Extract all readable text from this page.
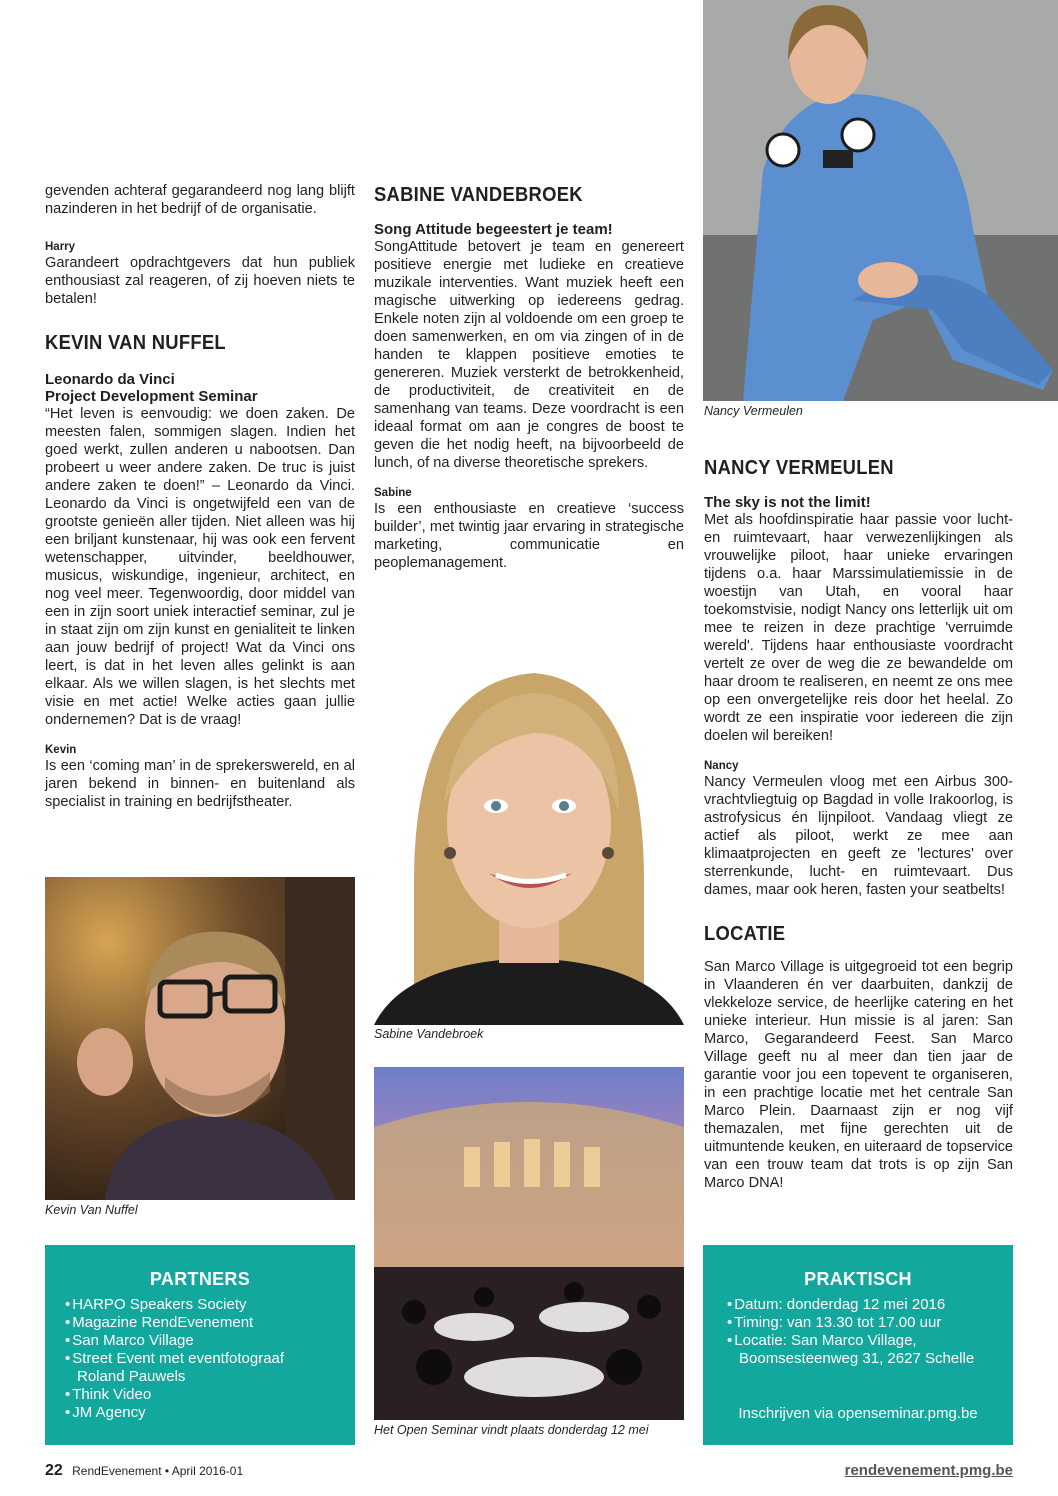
gevenden achteraf gegarandeerd nog lang blijft nazinderen in het bedrijf of de organisatie.

Harry

Garandeert opdrachtgevers dat hun publiek enthousiast zal reageren, of zij hoeven niets te betalen!

KEVIN VAN NUFFEL
Leonardo da Vinci
Project Development Seminar

“Het leven is eenvoudig: we doen zaken. De meesten falen, sommigen slagen. Indien het goed werkt, zullen anderen u nabootsen. Dan probeert u weer andere zaken. De truc is juist andere zaken te doen!” – Leonardo da Vinci. Leonardo da Vinci is ongetwijfeld een van de grootste genieën aller tijden. Niet alleen was hij een briljant kunstenaar, hij was ook een fervent wetenschapper, uitvinder, beeldhouwer, musicus, wiskundige, ingenieur, architect, en nog veel meer. Tegenwoordig, door middel van een in zijn soort uniek interactief seminar, zul je in staat zijn om zijn kunst en genialiteit te linken aan jouw bedrijf of project! Wat da Vinci ons leert, is dat in het leven alles gelinkt is aan elkaar. Als we willen slagen, is het slechts met visie en met actie! Welke acties gaan jullie ondernemen? Dat is de vraag!

Kevin

Is een ‘coming man’ in de sprekerswereld, en al jaren bekend in binnen- en buitenland als specialist in training en bedrijfstheater.

Kevin Van Nuffel

PARTNERS
• HARPO Speakers Society
• Magazine RendEvenement
• San Marco Village
• Street Event met eventfotograaf Roland Pauwels
• Think Video
• JM Agency
SABINE VANDEBROEK
Song Attitude begeestert je team!

SongAttitude betovert je team en genereert positieve energie met ludieke en creatieve muzikale interventies. Want muziek heeft een magische uitwerking op iedereens gedrag. Enkele noten zijn al voldoende om een groep te doen samenwerken, en om via zingen of in de handen te klappen positieve emoties te genereren. Muziek versterkt de betrokkenheid, de productiviteit, de creativiteit en de samenhang van teams. Deze voordracht is een ideaal format om aan je congres de boost te geven die het nodig heeft, na bijvoorbeeld de lunch, of na diverse theoretische sprekers.

Sabine

Is een enthousiaste en creatieve ‘success builder’, met twintig jaar ervaring in strategische marketing, communicatie en peoplemanagement.

Sabine Vandebroek

Het Open Seminar vindt plaats donderdag 12 mei

Nancy Vermeulen

NANCY VERMEULEN
The sky is not the limit!

Met als hoofdinspiratie haar passie voor lucht- en ruimtevaart, haar verwezenlijkingen als vrouwelijke piloot, haar unieke ervaringen tijdens o.a. haar Marssimulatiemissie in de woestijn van Utah, en vooral haar toekomstvisie, nodigt Nancy ons letterlijk uit om mee te reizen in deze prachtige 'verruimde wereld'. Tijdens haar enthousiaste voordracht vertelt ze over de weg die ze bewandelde om haar droom te realiseren, en neemt ze ons mee op een onvergetelijke reis door het heelal. Zo wordt ze een inspiratie voor iedereen die zijn doelen wil bereiken!

Nancy

Nancy Vermeulen vloog met een Airbus 300-vrachtvliegtuig op Bagdad in volle Irakoorlog, is astrofysicus én lijnpiloot. Vandaag vliegt ze actief als piloot, werkt ze mee aan klimaatprojecten en geeft ze 'lectures' over sterrenkunde, lucht- en ruimtevaart. Dus dames, maar ook heren, fasten your seatbelts!

LOCATIE

San Marco Village is uitgegroeid tot een begrip in Vlaanderen én ver daarbuiten, dankzij de vlekkeloze service, de heerlijke catering en het unieke interieur. Hun missie is al jaren: San Marco, Gegarandeerd Feest. San Marco Village geeft nu al meer dan tien jaar de garantie voor jou een topevent te organiseren, in een prachtige locatie met het centrale San Marco Plein. Daarnaast zijn er nog vijf themazalen, met fijne gerechten uit de uitmuntende keuken, en uiteraard de topservice van een trouw team dat trots is op zijn San Marco DNA!

PRAKTISCH
• Datum: donderdag 12 mei 2016
• Timing: van 13.30 tot 17.00 uur
• Locatie: San Marco Village, Boomsesteenweg 31, 2627 Schelle

Inschrijven via openseminar.pmg.be

22 RendEvenement • April 2016-01	rendevenement.pmg.be
